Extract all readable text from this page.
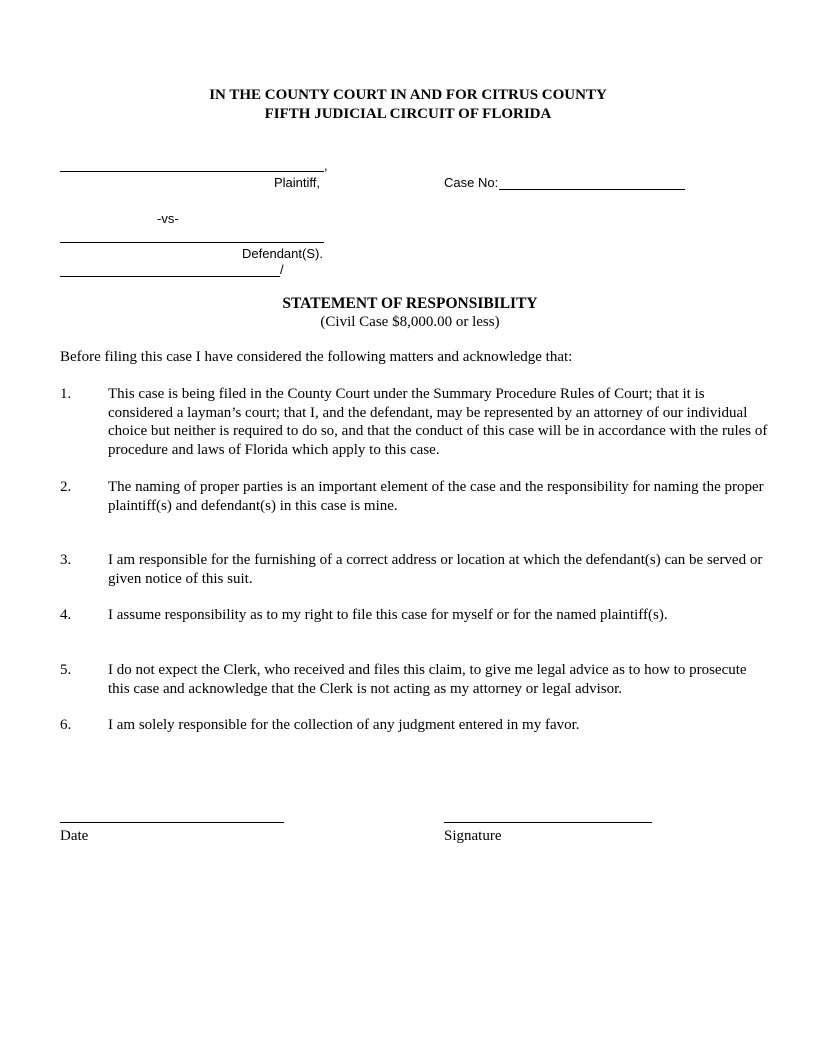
IN THE COUNTY COURT IN AND FOR CITRUS COUNTY
FIFTH JUDICIAL CIRCUIT OF FLORIDA
,
Plaintiff,	Case No:
-vs-
Defendant(S).
/
STATEMENT OF RESPONSIBILITY
(Civil Case $8,000.00 or less)
Before filing this case I have considered the following matters and acknowledge that:
1. This case is being filed in the County Court under the Summary Procedure Rules of Court; that it is considered a layman’s court; that I, and the defendant, may be represented by an attorney of our individual choice but neither is required to do so, and that the conduct of this case will be in accordance with the rules of procedure and laws of Florida which apply to this case.
2. The naming of proper parties is an important element of the case and the responsibility for naming the proper plaintiff(s) and defendant(s) in this case is mine.
3. I am responsible for the furnishing of a correct address or location at which the defendant(s) can be served or given notice of this suit.
4. I assume responsibility as to my right to file this case for myself or for the named plaintiff(s).
5. I do not expect the Clerk, who received and files this claim, to give me legal advice as to how to prosecute this case and acknowledge that the Clerk is not acting as my attorney or legal advisor.
6. I am solely responsible for the collection of any judgment entered in my favor.
Date	Signature
